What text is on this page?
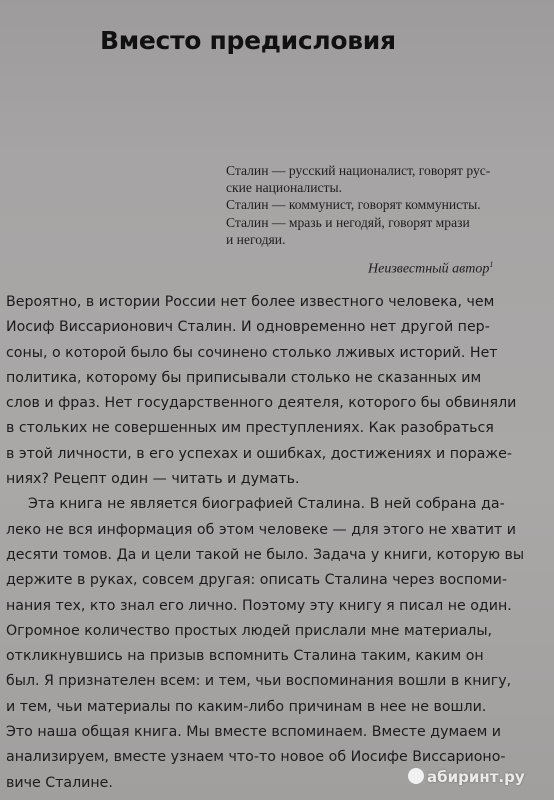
Вместо предисловия
Сталин — русский националист, говорят рус-
ские националисты.
Сталин — коммунист, говорят коммунисты.
Сталин — мразь и негодяй, говорят мрази
и негодяи.
Неизвестный автор$^1$
Вероятно, в истории России нет более известного человека, чем
Иосиф Виссарионович Сталин. И одновременно нет другой пер-
соны, о которой было бы сочинено столько лживых историй. Нет
политика, которому бы приписывали столько не сказанных им
слов и фраз. Нет государственного деятеля, которого бы обвиняли
в стольких не совершенных им преступлениях. Как разобраться
в этой личности, в его успехах и ошибках, достижениях и пораже-
ниях? Рецепт один — читать и думать.
Эта книга не является биографией Сталина. В ней собрана да-
леко не вся информация об этом человеке — для этого не хватит и
десяти томов. Да и цели такой не было. Задача у книги, которую вы
держите в руках, совсем другая: описать Сталина через воспоми-
нания тех, кто знал его лично. Поэтому эту книгу я писал не один.
Огромное количество простых людей прислали мне материалы,
откликнувшись на призыв вспомнить Сталина таким, каким он
был. Я признателен всем: и тем, чьи воспоминания вошли в книгу,
и тем, чьи материалы по каким-либо причинам в нее не вошли.
Это наша общая книга. Мы вместе вспоминаем. Вместе думаем и
анализируем, вместе узнаем что-то новое об Иосифе Виссарионо-
виче Сталине.	абиринт.ру
